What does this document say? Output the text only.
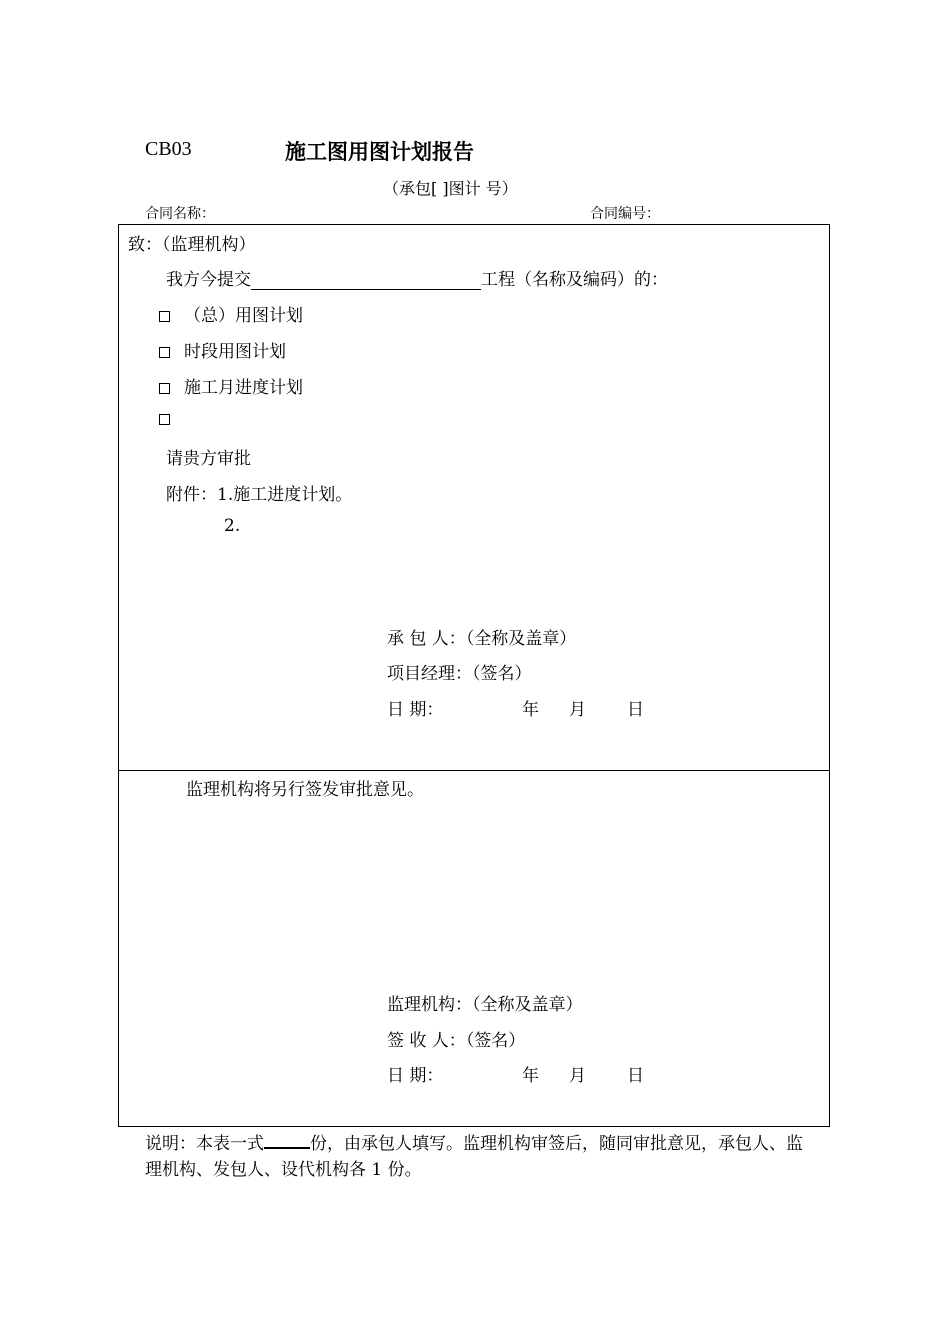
CB03	施工图用图计划报告
（承包[ ]图计 号）
合同名称：	合同编号：
致：（监理机构）
我方今提交	工程（名称及编码）的：
（总）用图计划
时段用图计划
施工月进度计划
请贵方审批
附件：1.施工进度计划。
2.
承 包 人：（全称及盖章）
项目经理：（签名）
日 期：	年 月 日
监理机构将另行签发审批意见。
监理机构：（全称及盖章）
签 收 人：（签名）
日 期：	年 月 日
说明：本表一式	份，由承包人填写。监理机构审签后，随同审批意见，承包人、监理机构、发包人、设代机构各 1 份。
